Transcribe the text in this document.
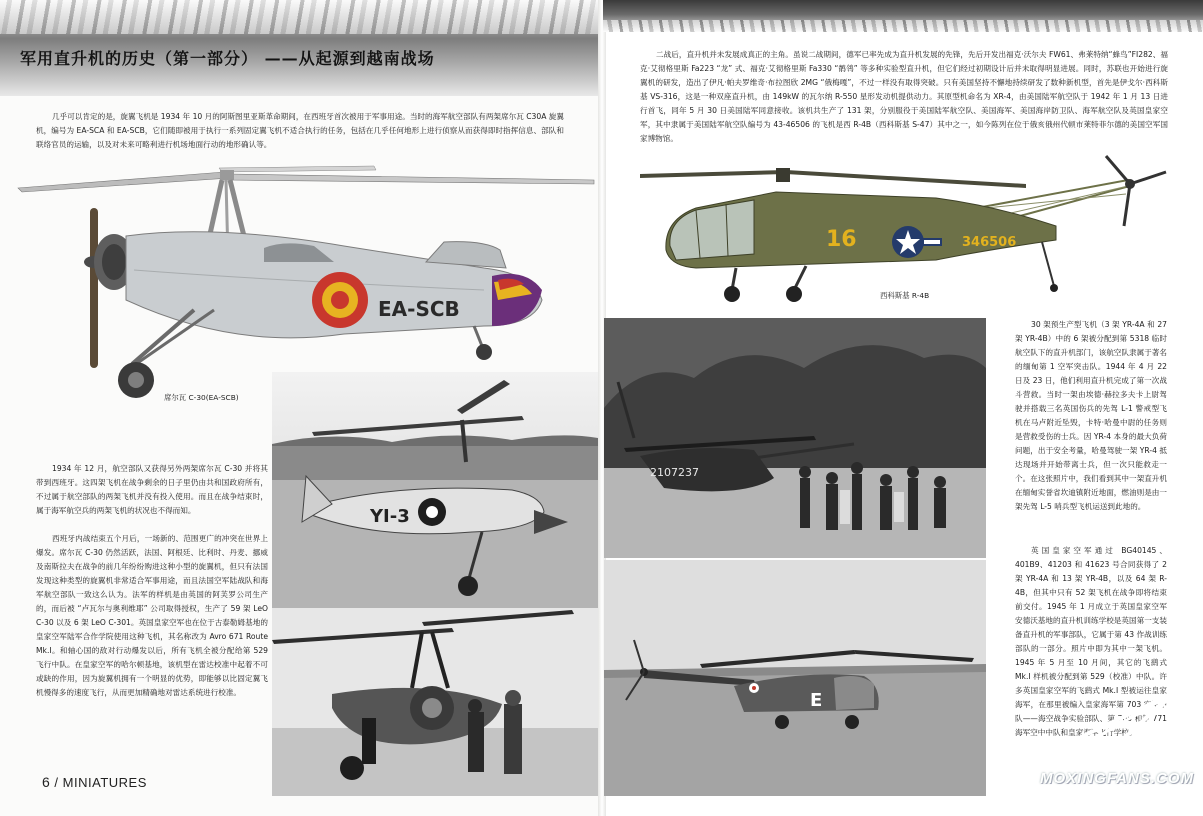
军用直升机的历史（第一部分） ——从起源到越南战场

几乎可以肯定的是，旋翼飞机是 1934 年 10 月的阿斯图里亚斯革命期间，在西班牙首次被用于军事用途。当时的海军航空部队有两架席尔瓦 C30A 旋翼机，编号为 EA-SCA 和 EA-SCB，它们随即被用于执行一系列固定翼飞机不适合执行的任务，包括在几乎任何地形上进行侦察从而获得即时指挥信息、部队和联络官员的运输，以及对未来可略利进行机场地面行动的地形确认等。

EA-SCB
席尔瓦 C-30(EA-SCB)

1934 年 12 月，航空部队又获得另外两架席尔瓦 C-30 并将其带到西班牙。这四架飞机在战争剩余的日子里仍由共和国政府所有，不过属于航空部队的两架飞机并没有投入使用。而且在战争结束时，属于海军航空兵的两架飞机的状况也不得而知。

西班牙内战结束五个月后，一场新的、范围更广的冲突在世界上爆发。席尔瓦 C-30 仍然活跃，法国、阿根廷、比利时、丹麦、挪威及南斯拉夫在战争的前几年纷纷购进这种小型的旋翼机，但只有法国发现这种类型的旋翼机非常适合军事用途，而且法国空军陆战队和海军航空部队一致这么认为。法军的样机是由英国的阿芙罗公司生产的，而后被 “卢瓦尔与奥利维耶” 公司取得授权，生产了 59 架 LeO C-30 以及 6 架 LeO C-301。英国皇家空军也在位于古泰勒姆基地的皇家空军陆军合作学院使用这种飞机，其名称改为 Avro 671 Route Mk.I。和轴心国的敌对行动爆发以后，所有飞机全被分配给第 529 飞行中队。在皇家空军的哈尔顿基地，该机型在雷达校准中起着不可或缺的作用，因为旋翼机拥有一个明显的优势，即能够以比固定翼飞机慢得多的速度飞行，从而更加精确地对雷达系统进行校准。

YI-3
6 / MINIATURES

二战后，直升机并未发展成真正的主角。虽说二战期间，德军已率先成为直升机发展的先锋，先后开发出福克·沃尔夫 FW61、弗莱特纳“蜂鸟”FI282、福克·艾彻格里斯 Fa223 “龙” 式、福克·艾彻格里斯 Fa330 “鹡鸰” 等多种实验型直升机，但它们经过初期设计后并未取得明显进展。同时，苏联也开始进行旋翼机的研发，造出了伊凡·帕夫罗维奇·布拉图欣 2MG “俄梅嘎”，不过一样没有取得突破。只有美国坚持不懈地持续研发了数种新机型，首先是伊戈尔·西科斯基 VS-316，这是一种双座直升机，由 149kW 的瓦尔纳 R-550 星形发动机提供动力。其原型机命名为 XR-4，由美国陆军航空队于 1942 年 1 月 13 日进行首飞，同年 5 月 30 日美国陆军同意接收。该机共生产了 131 架，分别服役于美国陆军航空队、美国海军、美国海岸防卫队、海军航空队及英国皇家空军，其中隶属于美国陆军航空队编号为 43-46506 的飞机是西 R-4B（西科斯基 S-47）其中之一，如今陈列在位于俄亥俄州代顿市莱特菲尔德的美国空军国家博物馆。

16	346506
西科斯基 R-4B
2107237
E

30 架预生产型飞机（3 架 YR-4A 和 27 架 YR-4B）中的 6 架被分配到第 5318 临时航空队下的直升机部门，该航空队隶属于著名的缅甸第 1 空军突击队。1944 年 4 月 22 日及 23 日，他们利用直升机完成了第一次战斗营救。当时一架由埃德·赫拉多夫卡上尉驾驶并搭载三名英国伤兵的先驾 L-1 警戒型飞机在马卢附近坠毁，卡特·哈曼中尉的任务则是营救受伤的士兵。因 YR-4 本身的最大负荷问题，出于安全考量，哈曼驾驶一架 YR-4 抵达现场并开始带离士兵，但一次只能救走一个。在这张照片中，我们看到其中一架直升机在缅甸实誉省坎迪镇附近地面，燃油则是由一架先驾 L-5 哨兵型飞机运送到此地的。

英国皇家空军通过 BG40145、401B9、41203 和 41623 号合同获得了 2 架 YR-4A 和 13 架 YR-4B，以及 64 架 R-4B，但其中只有 52 架飞机在战争即将结束前交付。1945 年 1 月成立于英国皇家空军安德沃基地的直升机训练学校是英国第一支装备直升机的军事部队，它属于第 43 作战训练部队的一部分。照片中即为其中一架飞机。1945 年 5 月至 10 月间，其它的飞鹞式 Mk.I 样机被分配到第 529（校准）中队。许多英国皇家空军的飞鹞式 Mk.I 型被运往皇家海军，在那里被编入皇家海军第 703 空军中队——海空战争实验部队、第 705 和第 771 海军空中中队和皇家海军飞行学校。

MOXINGFANS.COM
